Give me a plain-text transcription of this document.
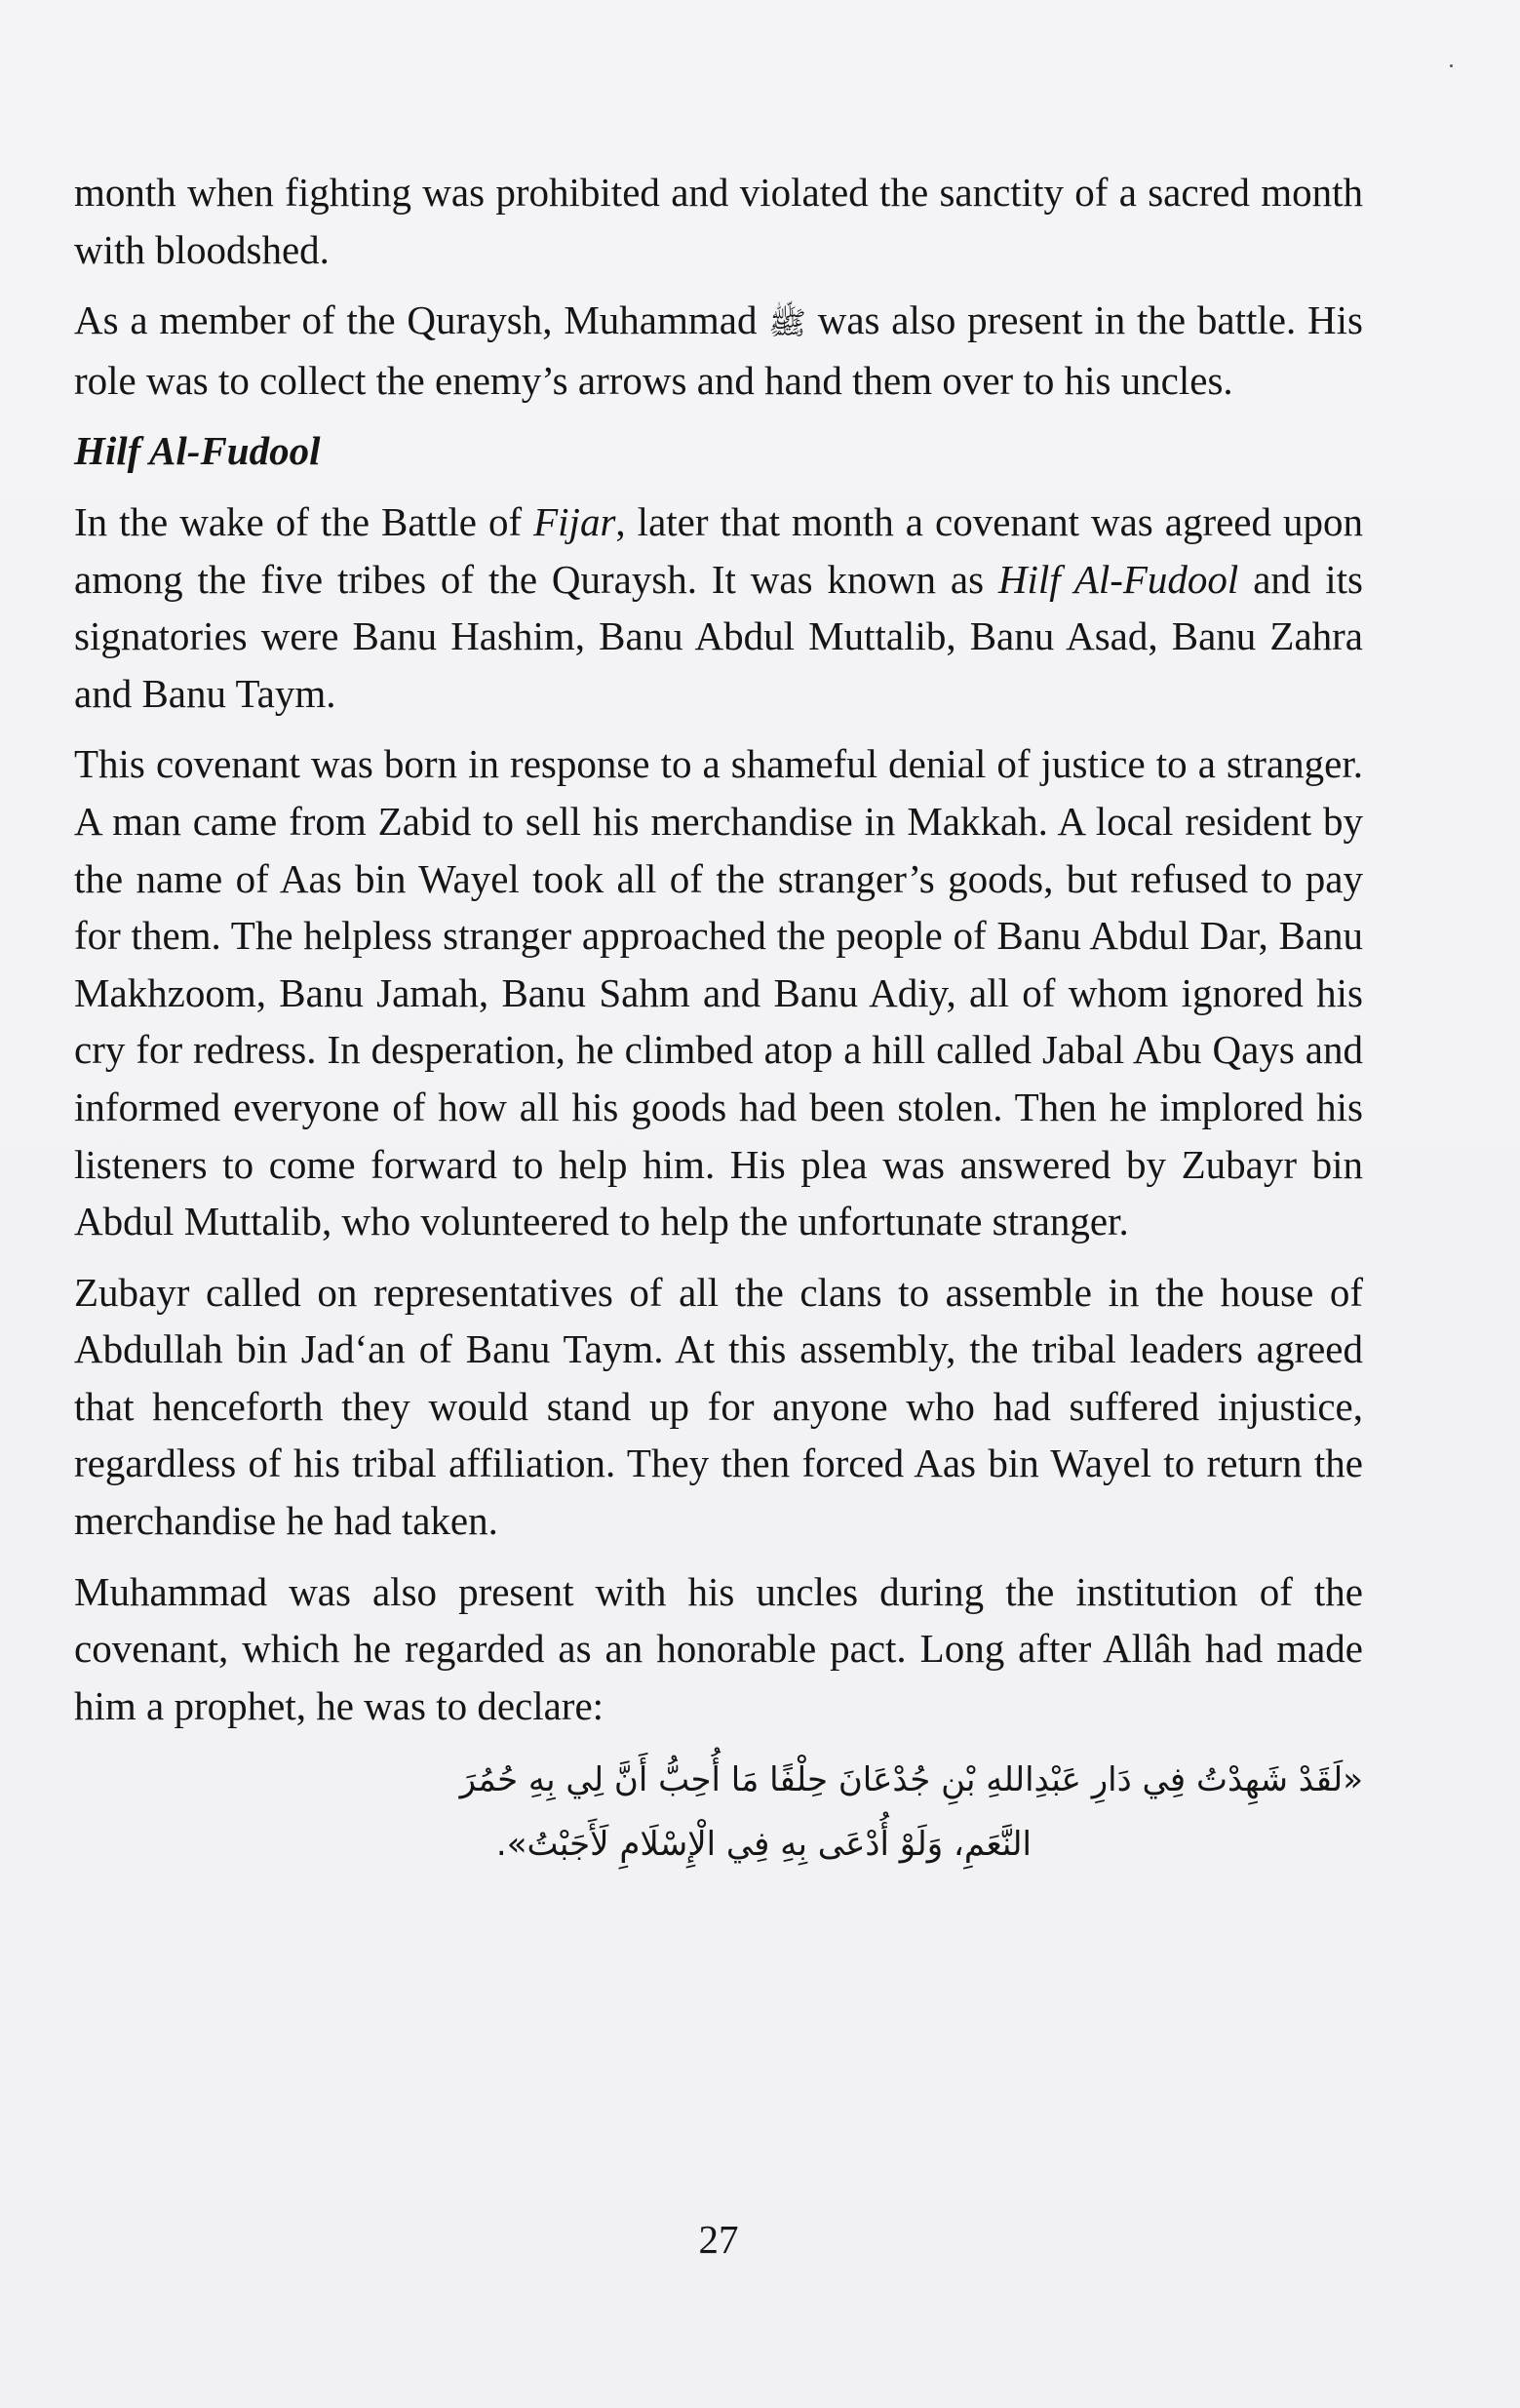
month when fighting was prohibited and violated the sanctity of a sacred month with bloodshed.

As a member of the Quraysh, Muhammad ﷺ was also present in the battle. His role was to collect the enemy’s arrows and hand them over to his uncles.

Hilf Al-Fudool

In the wake of the Battle of Fijar, later that month a covenant was agreed upon among the five tribes of the Quraysh. It was known as Hilf Al-Fudool and its signatories were Banu Hashim, Banu Abdul Muttalib, Banu Asad, Banu Zahra and Banu Taym.

This covenant was born in response to a shameful denial of justice to a stranger. A man came from Zabid to sell his merchandise in Makkah. A local resident by the name of Aas bin Wayel took all of the stranger’s goods, but refused to pay for them. The helpless stranger approached the people of Banu Abdul Dar, Banu Makhzoom, Banu Jamah, Banu Sahm and Banu Adiy, all of whom ignored his cry for redress. In desperation, he climbed atop a hill called Jabal Abu Qays and informed everyone of how all his goods had been stolen. Then he implored his listeners to come forward to help him. His plea was answered by Zubayr bin Abdul Muttalib, who volunteered to help the unfortunate stranger.

Zubayr called on representatives of all the clans to assemble in the house of Abdullah bin Jad‘an of Banu Taym. At this assembly, the tribal leaders agreed that henceforth they would stand up for anyone who had suffered injustice, regardless of his tribal affiliation. They then forced Aas bin Wayel to return the merchandise he had taken.

Muhammad was also present with his uncles during the institution of the covenant, which he regarded as an honorable pact. Long after Allâh had made him a prophet, he was to declare:

«لَقَدْ شَهِدْتُ فِي دَارِ عَبْدِاللهِ بْنِ جُدْعَانَ حِلْفًا مَا أُحِبُّ أَنَّ لِي بِهِ حُمُرَ
النَّعَمِ، وَلَوْ أُدْعَى بِهِ فِي الْإِسْلَامِ لَأَجَبْتُ».
27
